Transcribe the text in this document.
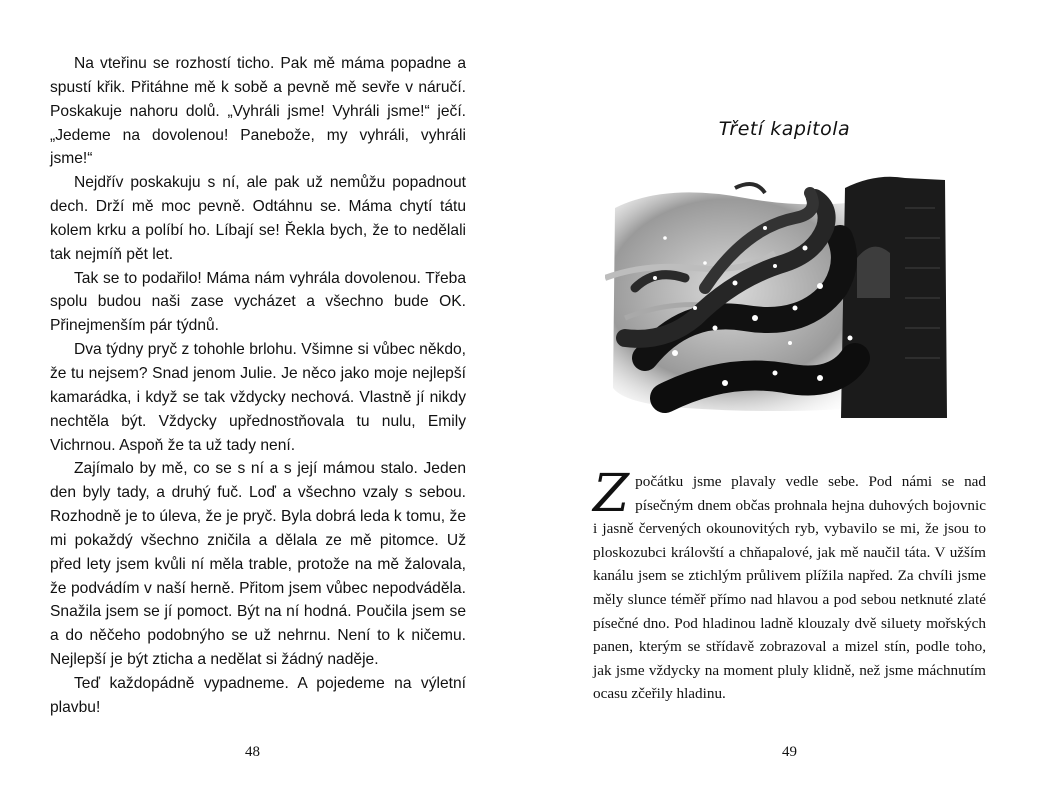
Na vteřinu se rozhostí ticho. Pak mě máma popadne a spustí křik. Přitáhne mě k sobě a pevně mě sevře v náručí. Poskakuje nahoru dolů. „Vyhráli jsme! Vyhráli jsme!“ ječí. „Jedeme na dovolenou! Panebože, my vyhráli, vyhráli jsme!“

Nejdřív poskakuju s ní, ale pak už nemůžu popadnout dech. Drží mě moc pevně. Odtáhnu se. Máma chytí tátu kolem krku a políbí ho. Líbají se! Řekla bych, že to nedělali tak nejmíň pět let.

Tak se to podařilo! Máma nám vyhrála dovolenou. Třeba spolu budou naši zase vycházet a všechno bude OK. Přinejmenším pár týdnů.

Dva týdny pryč z tohohle brlohu. Všimne si vůbec někdo, že tu nejsem? Snad jenom Julie. Je něco jako moje nejlepší kamarádka, i když se tak vždycky nechová. Vlastně jí nikdy nechtěla být. Vždycky upřednostňovala tu nulu, Emily Vichrnou. Aspoň že ta už tady není.

Zajímalo by mě, co se s ní a s její mámou stalo. Jeden den byly tady, a druhý fuč. Loď a všechno vzaly s sebou. Rozhodně je to úleva, že je pryč. Byla dobrá leda k tomu, že mi pokaždý všechno zničila a dělala ze mě pitomce. Už před lety jsem kvůli ní měla trable, protože na mě žalovala, že podvádím v naší herně. Přitom jsem vůbec nepodváděla. Snažila jsem se jí pomoct. Být na ní hodná. Poučila jsem se a do něčeho podobnýho se už nehrnu. Není to k ničemu. Nejlepší je být zticha a nedělat si žádný naděje.

Teď každopádně vypadneme. A pojedeme na výletní plavbu!

48
Třetí kapitola

Zpočátku jsme plavaly vedle sebe. Pod námi se nad písečným dnem občas prohnala hejna duhových bojovnic i jasně červených okounovitých ryb, vybavilo se mi, že jsou to ploskozubci královští a chňapalové, jak mě naučil táta. V užším kanálu jsem se ztichlým průlivem plížila napřed. Za chvíli jsme měly slunce téměř přímo nad hlavou a pod sebou netknuté zlaté písečné dno. Pod hladinou ladně klouzaly dvě siluety mořských panen, kterým se střídavě zobrazoval a mizel stín, podle toho, jak jsme vždycky na moment pluly klidně, než jsme máchnutím ocasu zčeřily hladinu.

49
